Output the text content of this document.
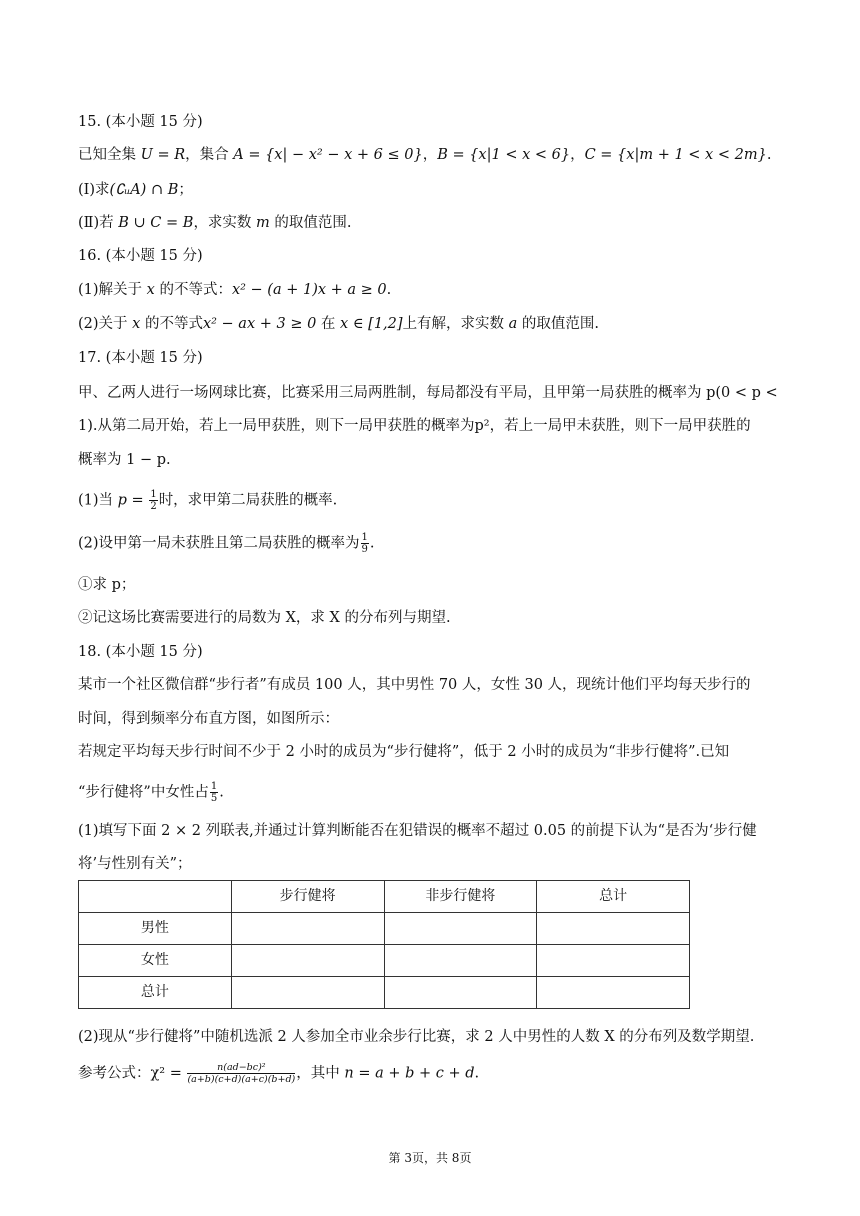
15. (本小题 15 分)
已知全集 U = R，集合 A = {x| − x² − x + 6 ≤ 0}，B = {x|1 < x < 6}，C = {x|m + 1 < x < 2m}.
(Ⅰ)求(∁ᵤA) ∩ B；
(Ⅱ)若 B ∪ C = B，求实数 m 的取值范围.
16. (本小题 15 分)
(1)解关于 x 的不等式：x² − (a + 1)x + a ≥ 0.
(2)关于 x 的不等式x² − ax + 3 ≥ 0 在 x ∈ [1,2]上有解，求实数 a 的取值范围.
17. (本小题 15 分)
甲、乙两人进行一场网球比赛，比赛采用三局两胜制，每局都没有平局，且甲第一局获胜的概率为 p(0 < p <
1).从第二局开始，若上一局甲获胜，则下一局甲获胜的概率为p²，若上一局甲未获胜，则下一局甲获胜的
概率为 1 − p.
(1)当 $p = \frac{1}{2}$ 时，求甲第二局获胜的概率.
(2)设甲第一局未获胜且第二局获胜的概率为 $\frac{1}{9}$ .
①求 p；
②记这场比赛需要进行的局数为 X，求 X 的分布列与期望.
18. (本小题 15 分)
某市一个社区微信群“步行者”有成员 100 人，其中男性 70 人，女性 30 人，现统计他们平均每天步行的
时间，得到频率分布直方图，如图所示：
若规定平均每天步行时间不少于 2 小时的成员为“步行健将”，低于 2 小时的成员为“非步行健将”.已知
“步行健将”中女性占 $\frac{1}{5}$ .
(1)填写下面 2 × 2 列联表,并通过计算判断能否在犯错误的概率不超过 0.05 的前提下认为“是否为‘步行健
将’与性别有关”；
	步行健将	非步行健将	总计
男性			
女性			
总计			
(2)现从“步行健将”中随机选派 2 人参加全市业余步行比赛，求 2 人中男性的人数 X 的分布列及数学期望.
参考公式：$\chi^2 = \frac{\text{n(ad−bc)²}}{(a+b)(c+d)(a+c)(b+d)}$ ，其中 n = a + b + c + d.
第 3页，共 8页
